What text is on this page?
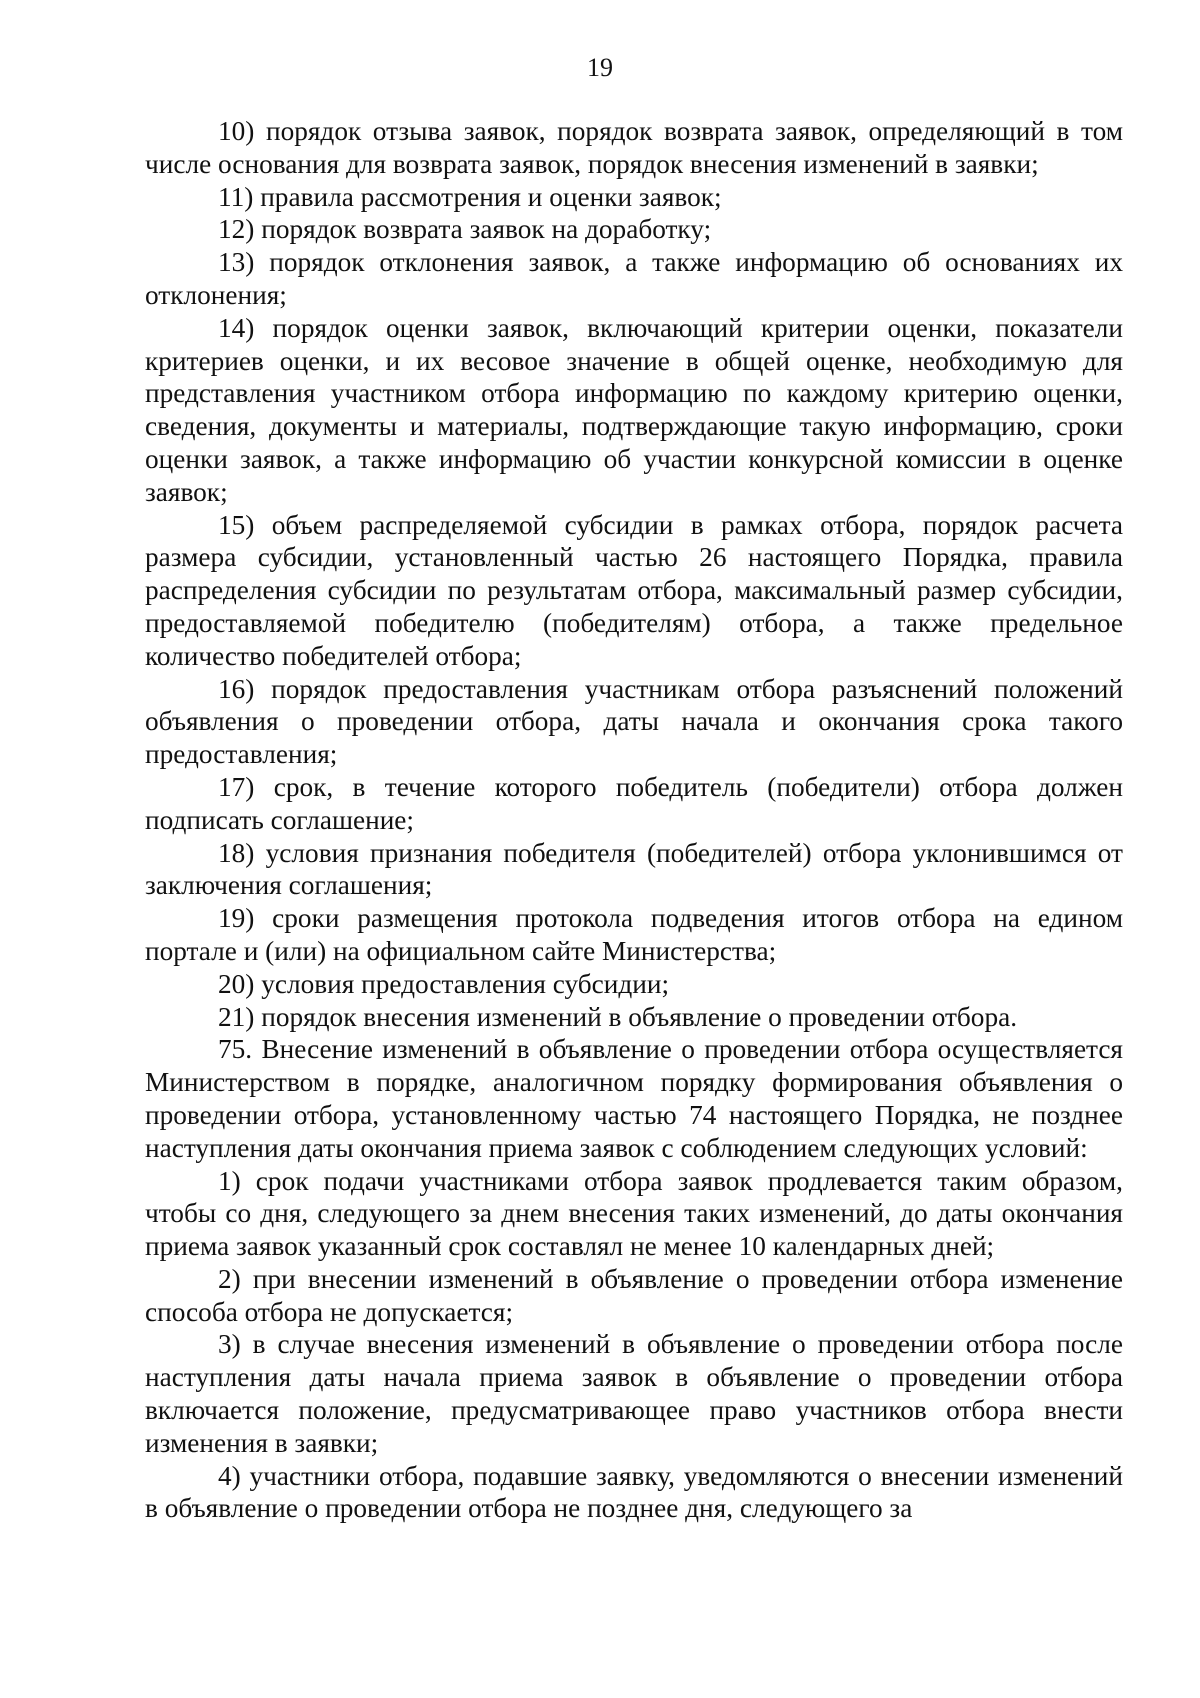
19

10) порядок отзыва заявок, порядок возврата заявок, определяющий в том числе основания для возврата заявок, порядок внесения изменений в заявки;

11) правила рассмотрения и оценки заявок;

12) порядок возврата заявок на доработку;

13) порядок отклонения заявок, а также информацию об основаниях их отклонения;

14) порядок оценки заявок, включающий критерии оценки, показатели критериев оценки, и их весовое значение в общей оценке, необходимую для представления участником отбора информацию по каждому критерию оценки, сведения, документы и материалы, подтверждающие такую информацию, сроки оценки заявок, а также информацию об участии конкурсной комиссии в оценке заявок;

15) объем распределяемой субсидии в рамках отбора, порядок расчета размера субсидии, установленный частью 26 настоящего Порядка, правила распределения субсидии по результатам отбора, максимальный размер субсидии, предоставляемой победителю (победителям) отбора, а также предельное количество победителей отбора;

16) порядок предоставления участникам отбора разъяснений положений объявления о проведении отбора, даты начала и окончания срока такого предоставления;

17) срок, в течение которого победитель (победители) отбора должен подписать соглашение;

18) условия признания победителя (победителей) отбора уклонившимся от заключения соглашения;

19) сроки размещения протокола подведения итогов отбора на едином портале и (или) на официальном сайте Министерства;

20) условия предоставления субсидии;

21) порядок внесения изменений в объявление о проведении отбора.

75. Внесение изменений в объявление о проведении отбора осуществляется Министерством в порядке, аналогичном порядку формирования объявления о проведении отбора, установленному частью 74 настоящего Порядка, не позднее наступления даты окончания приема заявок с соблюдением следующих условий:

1) срок подачи участниками отбора заявок продлевается таким образом, чтобы со дня, следующего за днем внесения таких изменений, до даты окончания приема заявок указанный срок составлял не менее 10 календарных дней;

2) при внесении изменений в объявление о проведении отбора изменение способа отбора не допускается;

3) в случае внесения изменений в объявление о проведении отбора после наступления даты начала приема заявок в объявление о проведении отбора включается положение, предусматривающее право участников отбора внести изменения в заявки;

4) участники отбора, подавшие заявку, уведомляются о внесении изменений в объявление о проведении отбора не позднее дня, следующего за
